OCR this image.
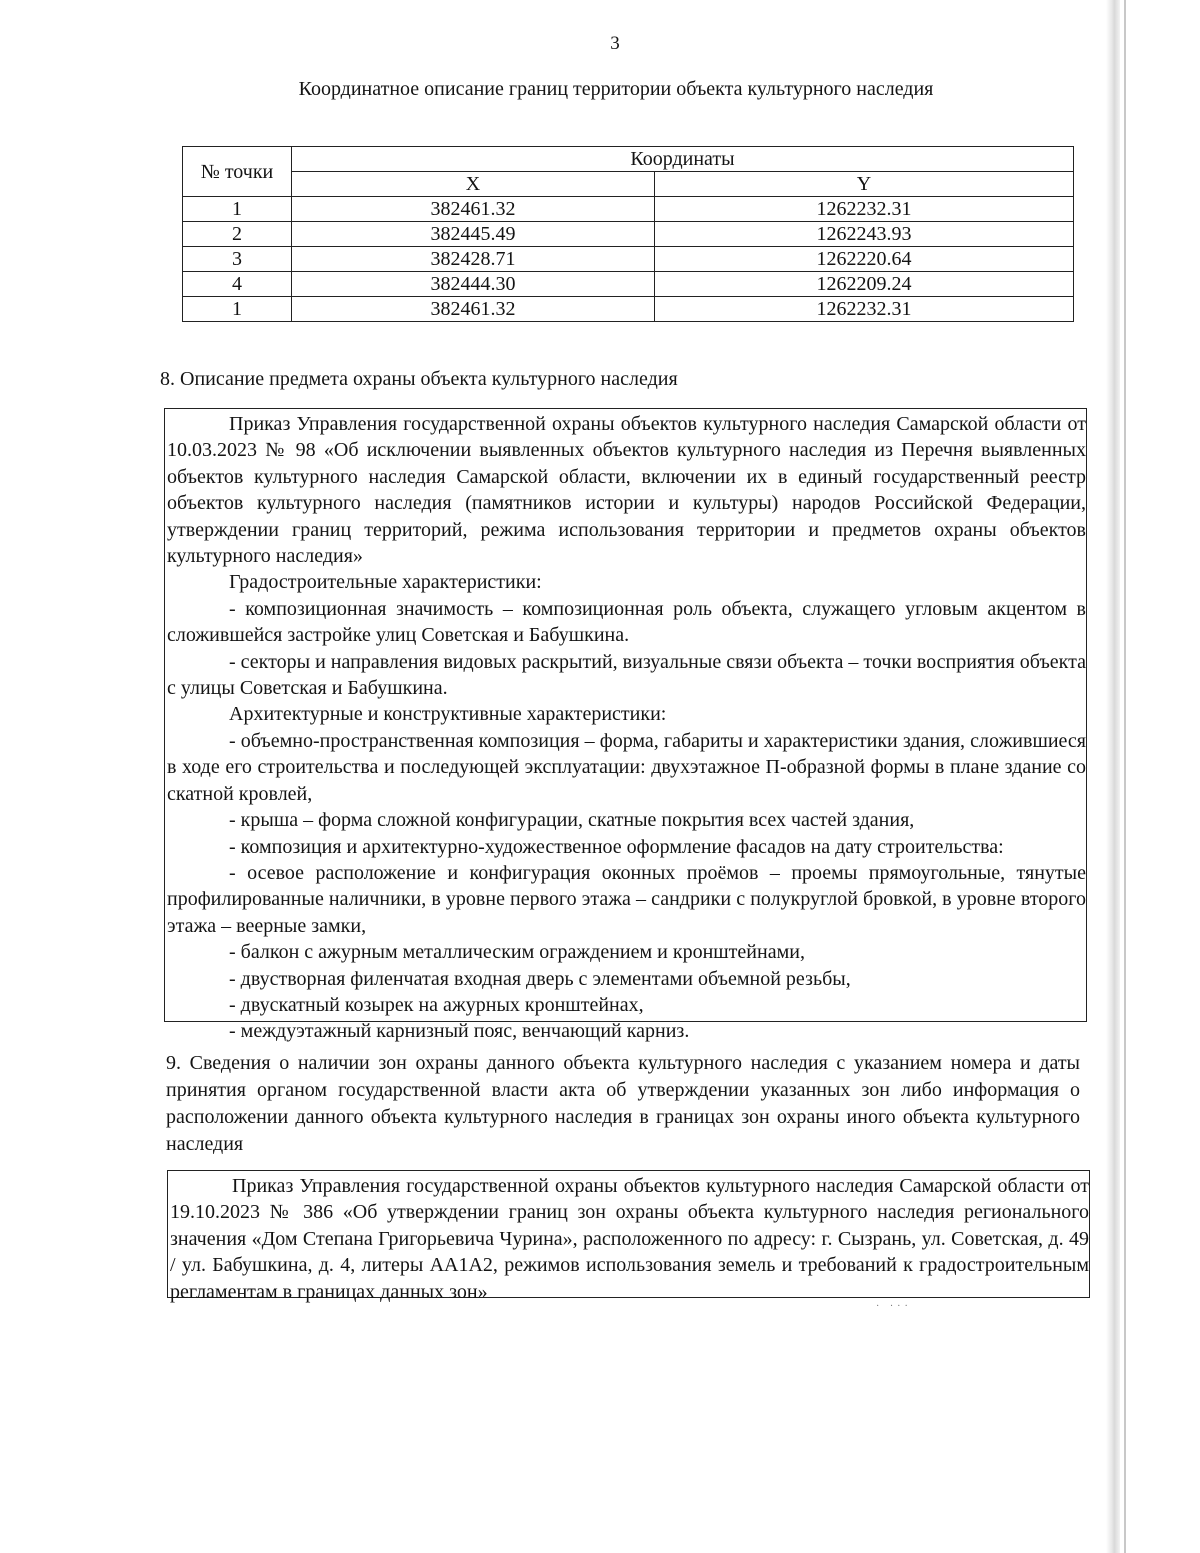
3
Координатное описание границ территории объекта культурного наследия
№ точки	Координаты	
	X	Y
1	382461.32	1262232.31
2	382445.49	1262243.93
3	382428.71	1262220.64
4	382444.30	1262209.24
1	382461.32	1262232.31
8. Описание предмета охраны объекта культурного наследия

Приказ Управления государственной охраны объектов культурного наследия Самарской области от 10.03.2023 № 98 «Об исключении выявленных объектов культурного наследия из Перечня выявленных объектов культурного наследия Самарской области, включении их в единый государственный реестр объектов культурного наследия (памятников истории и культуры) народов Российской Федерации, утверждении границ территорий, режима использования территории и предметов охраны объектов культурного наследия»

Градостроительные характеристики:

- композиционная значимость – композиционная роль объекта, служащего угловым акцентом в сложившейся застройке улиц Советская и Бабушкина.

- секторы и направления видовых раскрытий, визуальные связи объекта – точки восприятия объекта с улицы Советская и Бабушкина.

Архитектурные и конструктивные характеристики:

- объемно-пространственная композиция – форма, габариты и характеристики здания, сложившиеся в ходе его строительства и последующей эксплуатации: двухэтажное П-образной формы в плане здание со скатной кровлей,

- крыша – форма сложной конфигурации, скатные покрытия всех частей здания,

- композиция и архитектурно-художественное оформление фасадов на дату строительства:

- осевое расположение и конфигурация оконных проёмов – проемы прямоугольные, тянутые профилированные наличники, в уровне первого этажа – сандрики с полукруглой бровкой, в уровне второго этажа – веерные замки,

- балкон с ажурным металлическим ограждением и кронштейнами,

- двустворная филенчатая входная дверь с элементами объемной резьбы,

- двускатный козырек на ажурных кронштейнах,

- междуэтажный карнизный пояс, венчающий карниз.

9. Сведения о наличии зон охраны данного объекта культурного наследия с указанием номера и даты принятия органом государственной власти акта об утверждении указанных зон либо информация о расположении данного объекта культурного наследия в границах зон охраны иного объекта культурного наследия

Приказ Управления государственной охраны объектов культурного наследия Самарской области от 19.10.2023 № 386 «Об утверждении границ зон охраны объекта культурного наследия регионального значения «Дом Степана Григорьевича Чурина», расположенного по адресу: г. Сызрань, ул. Советская, д. 49 / ул. Бабушкина, д. 4, литеры АА1А2, режимов использования земель и требований к градостроительным регламентам в границах данных зон»

· ···
